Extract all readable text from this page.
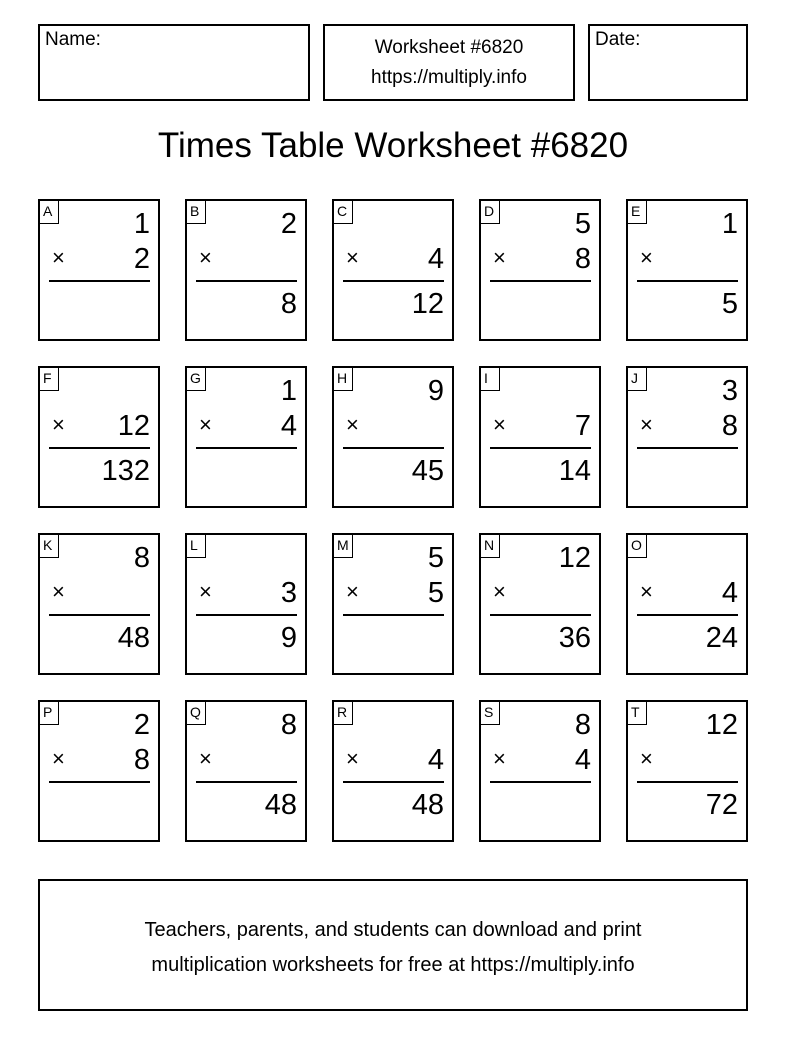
Name:	Worksheet #6820
https://multiply.info
Date:
Times Table Worksheet #6820
A	1
× 2
B	2
×
8
C
× 4
12
D	5
× 8
E	1
×
5
F
× 12
132
G	1
× 4
H	9
×
45
I
× 7
14
J	3
× 8
K	8
×
48
L
× 3
9
M	5
× 5
N 12
×
36
O
× 4
24
P	2
× 8
Q	8
×
48
R
× 4
48
S	8
× 4
T 12
×
72
Teachers, parents, and students can download and print
multiplication worksheets for free at https://multiply.info
